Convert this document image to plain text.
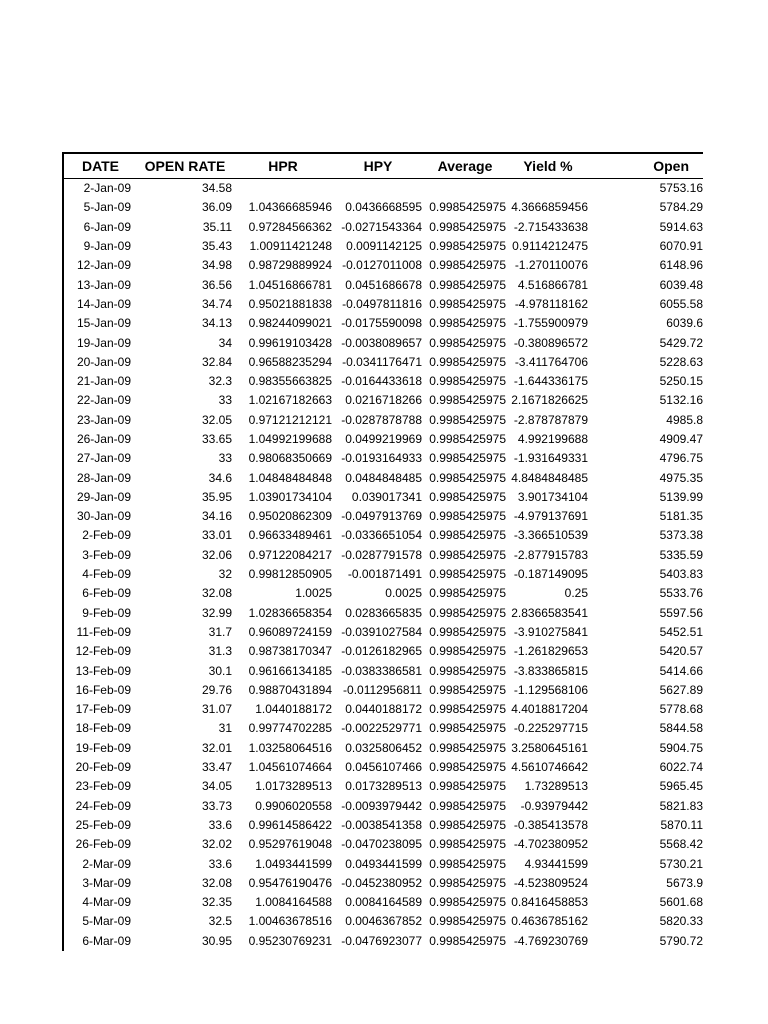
DATE	OPEN RATE	HPR	HPY	Average	Yield %	Open
2-Jan-09	34.58					5753.16
5-Jan-09	36.09	1.04366685946	0.0436668595	0.9985425975	4.3666859456	5784.29
6-Jan-09	35.11	0.97284566362	-0.0271543364	0.9985425975	-2.715433638	5914.63
9-Jan-09	35.43	1.00911421248	0.0091142125	0.9985425975	0.9114212475	6070.91
12-Jan-09	34.98	0.98729889924	-0.0127011008	0.9985425975	-1.270110076	6148.96
13-Jan-09	36.56	1.04516866781	0.0451686678	0.9985425975	4.516866781	6039.48
14-Jan-09	34.74	0.95021881838	-0.0497811816	0.9985425975	-4.978118162	6055.58
15-Jan-09	34.13	0.98244099021	-0.0175590098	0.9985425975	-1.755900979	6039.6
19-Jan-09	34	0.99619103428	-0.0038089657	0.9985425975	-0.380896572	5429.72
20-Jan-09	32.84	0.96588235294	-0.0341176471	0.9985425975	-3.411764706	5228.63
21-Jan-09	32.3	0.98355663825	-0.0164433618	0.9985425975	-1.644336175	5250.15
22-Jan-09	33	1.02167182663	0.0216718266	0.9985425975	2.1671826625	5132.16
23-Jan-09	32.05	0.97121212121	-0.0287878788	0.9985425975	-2.878787879	4985.8
26-Jan-09	33.65	1.04992199688	0.0499219969	0.9985425975	4.992199688	4909.47
27-Jan-09	33	0.98068350669	-0.0193164933	0.9985425975	-1.931649331	4796.75
28-Jan-09	34.6	1.04848484848	0.0484848485	0.9985425975	4.8484848485	4975.35
29-Jan-09	35.95	1.03901734104	0.039017341	0.9985425975	3.901734104	5139.99
30-Jan-09	34.16	0.95020862309	-0.0497913769	0.9985425975	-4.979137691	5181.35
2-Feb-09	33.01	0.96633489461	-0.0336651054	0.9985425975	-3.366510539	5373.38
3-Feb-09	32.06	0.97122084217	-0.0287791578	0.9985425975	-2.877915783	5335.59
4-Feb-09	32	0.99812850905	-0.001871491	0.9985425975	-0.187149095	5403.83
6-Feb-09	32.08	1.0025	0.0025	0.9985425975	0.25	5533.76
9-Feb-09	32.99	1.02836658354	0.0283665835	0.9985425975	2.8366583541	5597.56
11-Feb-09	31.7	0.96089724159	-0.0391027584	0.9985425975	-3.910275841	5452.51
12-Feb-09	31.3	0.98738170347	-0.0126182965	0.9985425975	-1.261829653	5420.57
13-Feb-09	30.1	0.96166134185	-0.0383386581	0.9985425975	-3.833865815	5414.66
16-Feb-09	29.76	0.98870431894	-0.0112956811	0.9985425975	-1.129568106	5627.89
17-Feb-09	31.07	1.0440188172	0.0440188172	0.9985425975	4.4018817204	5778.68
18-Feb-09	31	0.99774702285	-0.0022529771	0.9985425975	-0.225297715	5844.58
19-Feb-09	32.01	1.03258064516	0.0325806452	0.9985425975	3.2580645161	5904.75
20-Feb-09	33.47	1.04561074664	0.0456107466	0.9985425975	4.5610746642	6022.74
23-Feb-09	34.05	1.0173289513	0.0173289513	0.9985425975	1.73289513	5965.45
24-Feb-09	33.73	0.9906020558	-0.0093979442	0.9985425975	-0.93979442	5821.83
25-Feb-09	33.6	0.99614586422	-0.0038541358	0.9985425975	-0.385413578	5870.11
26-Feb-09	32.02	0.95297619048	-0.0470238095	0.9985425975	-4.702380952	5568.42
2-Mar-09	33.6	1.0493441599	0.0493441599	0.9985425975	4.93441599	5730.21
3-Mar-09	32.08	0.95476190476	-0.0452380952	0.9985425975	-4.523809524	5673.9
4-Mar-09	32.35	1.0084164588	0.0084164589	0.9985425975	0.8416458853	5601.68
5-Mar-09	32.5	1.00463678516	0.0046367852	0.9985425975	0.4636785162	5820.33
6-Mar-09	30.95	0.95230769231	-0.0476923077	0.9985425975	-4.769230769	5790.72
